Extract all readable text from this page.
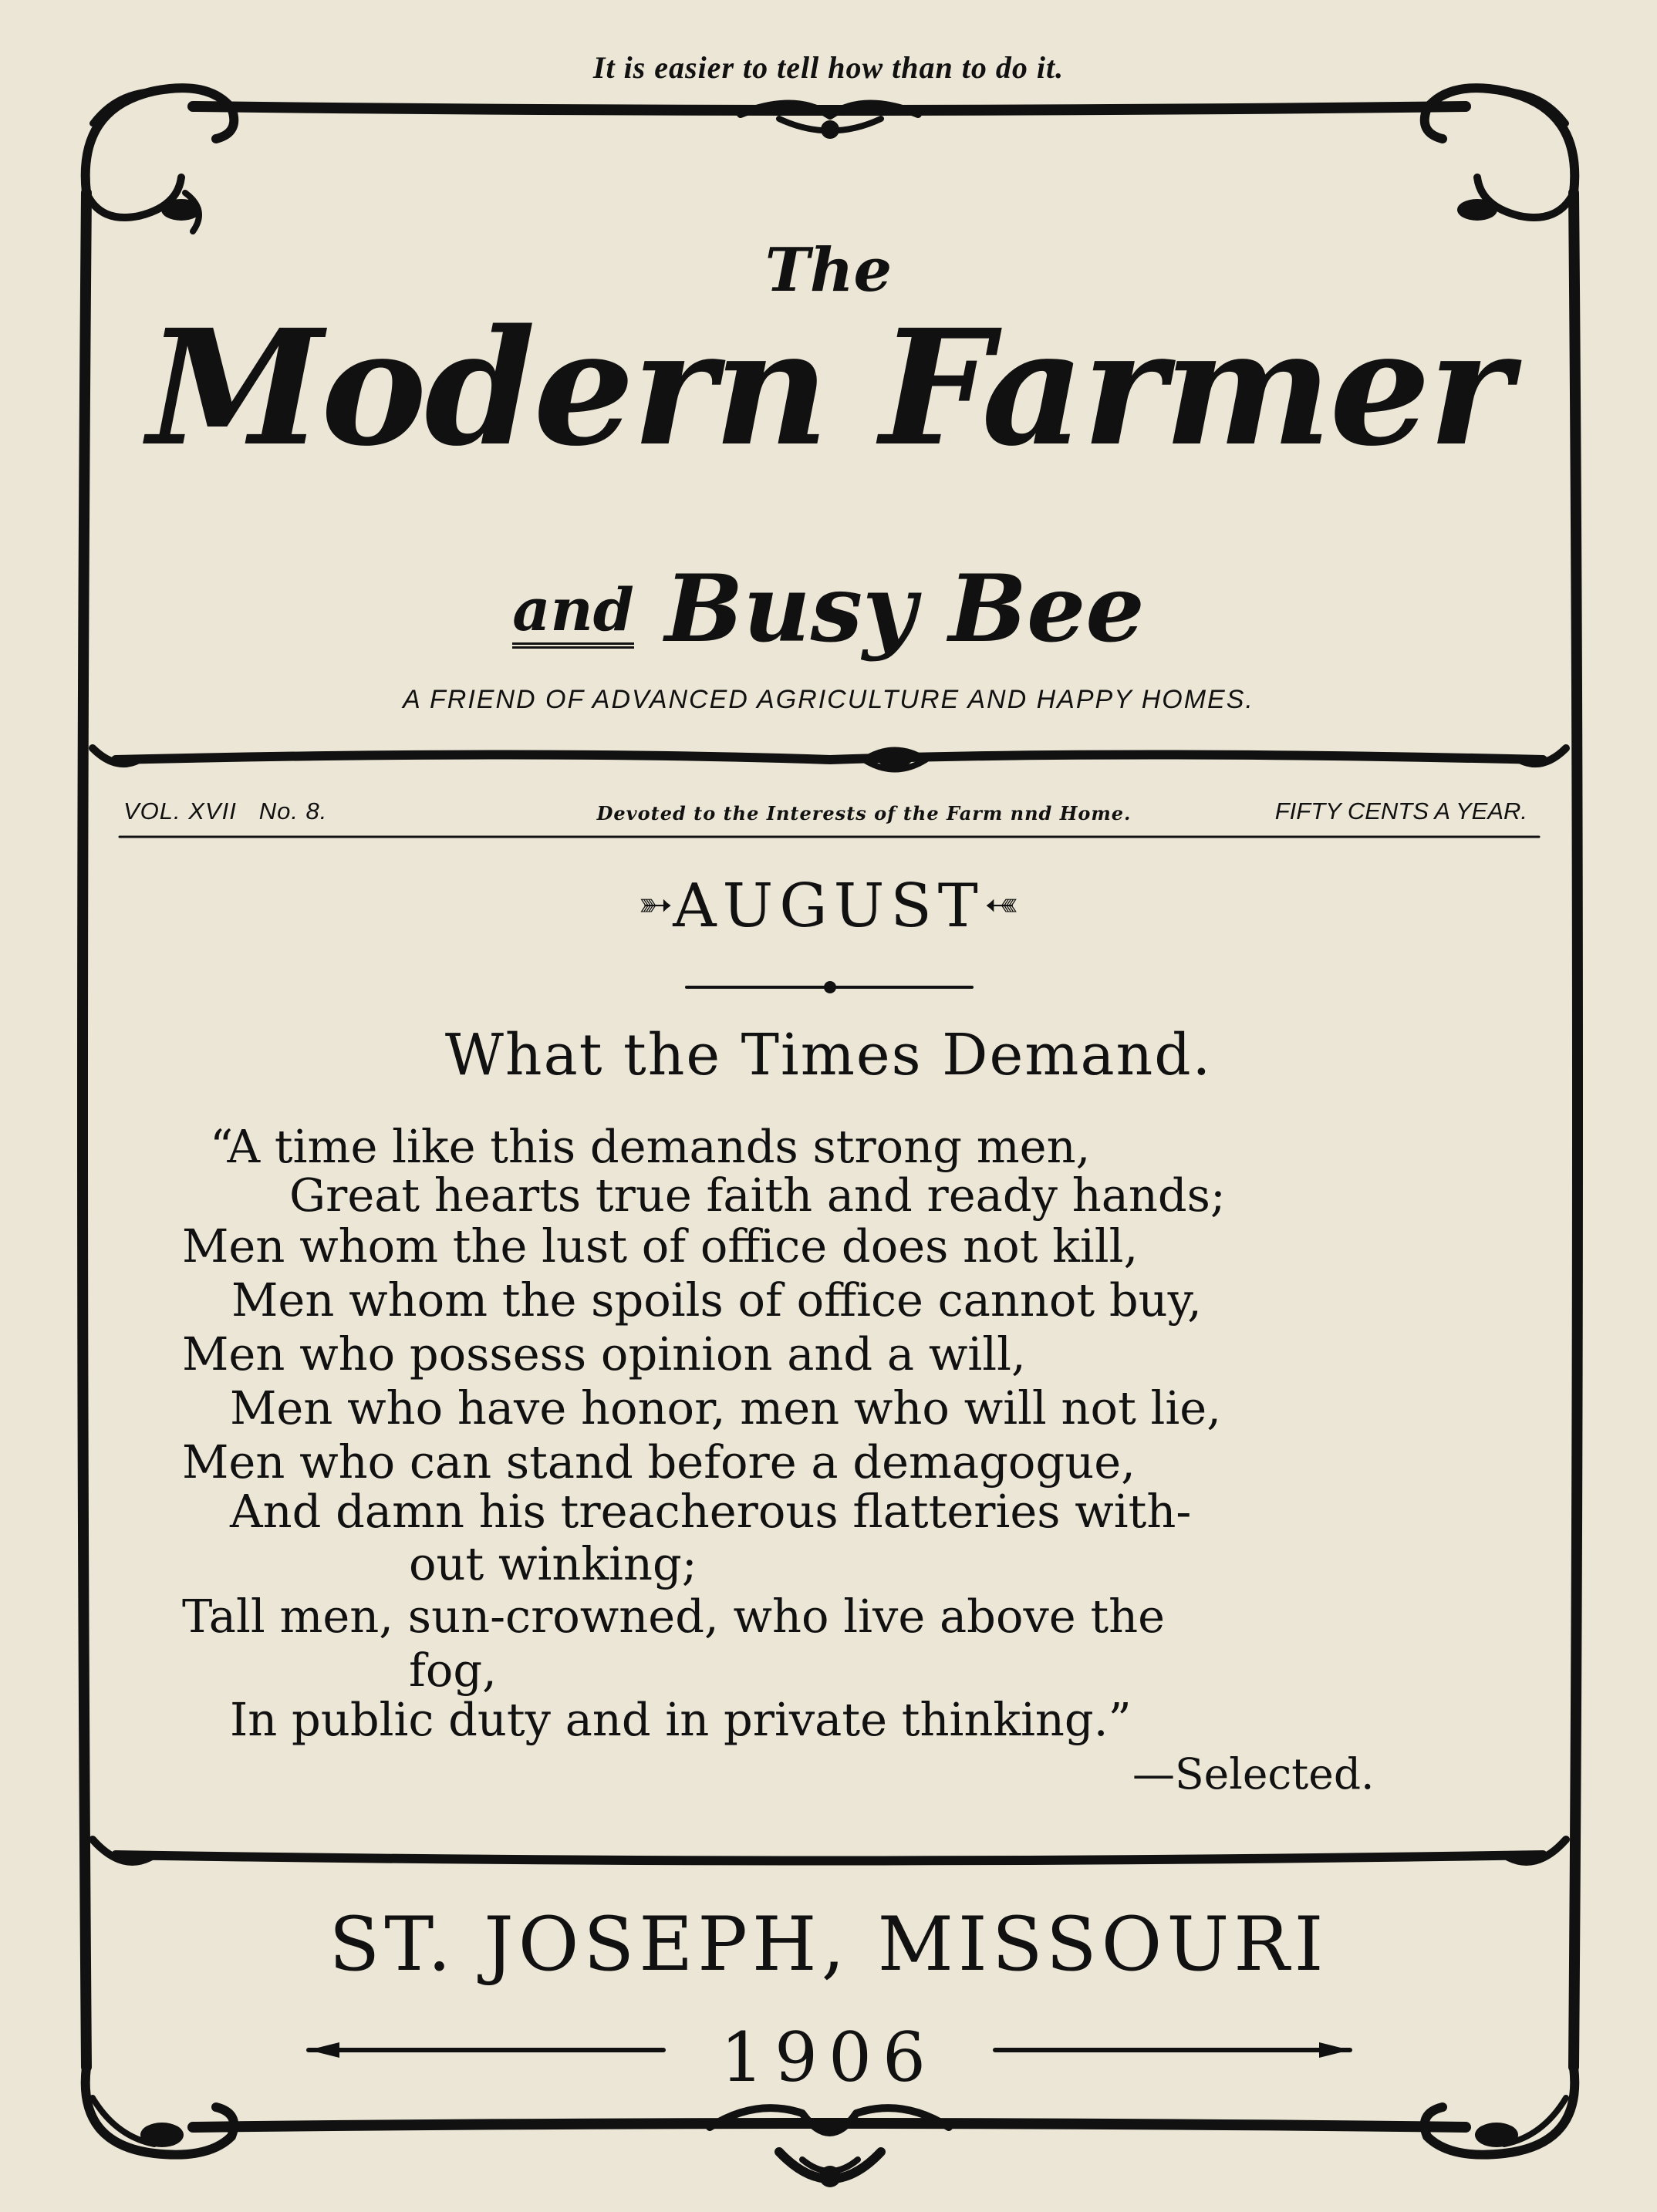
It is easier to tell how than to do it.
The
Modern Farmer
and Busy Bee
A FRIEND OF ADVANCED AGRICULTURE AND HAPPY HOMES.
VOL. XVII No. 8.	Devoted to the Interests of the Farm nnd Home.	FIFTY CENTS A YEAR.
➳AUGUST➳
What the Times Demand.
“A time like this demands strong men,
Great hearts true faith and ready hands;
Men whom the lust of office does not kill,
Men whom the spoils of office cannot buy,
Men who possess opinion and a will,
Men who have honor, men who will not lie,
Men who can stand before a demagogue,
And damn his treacherous flatteries with-
out winking;
Tall men, sun-crowned, who live above the
fog,
In public duty and in private thinking.”
—Selected.
ST. JOSEPH, MISSOURI
1906
